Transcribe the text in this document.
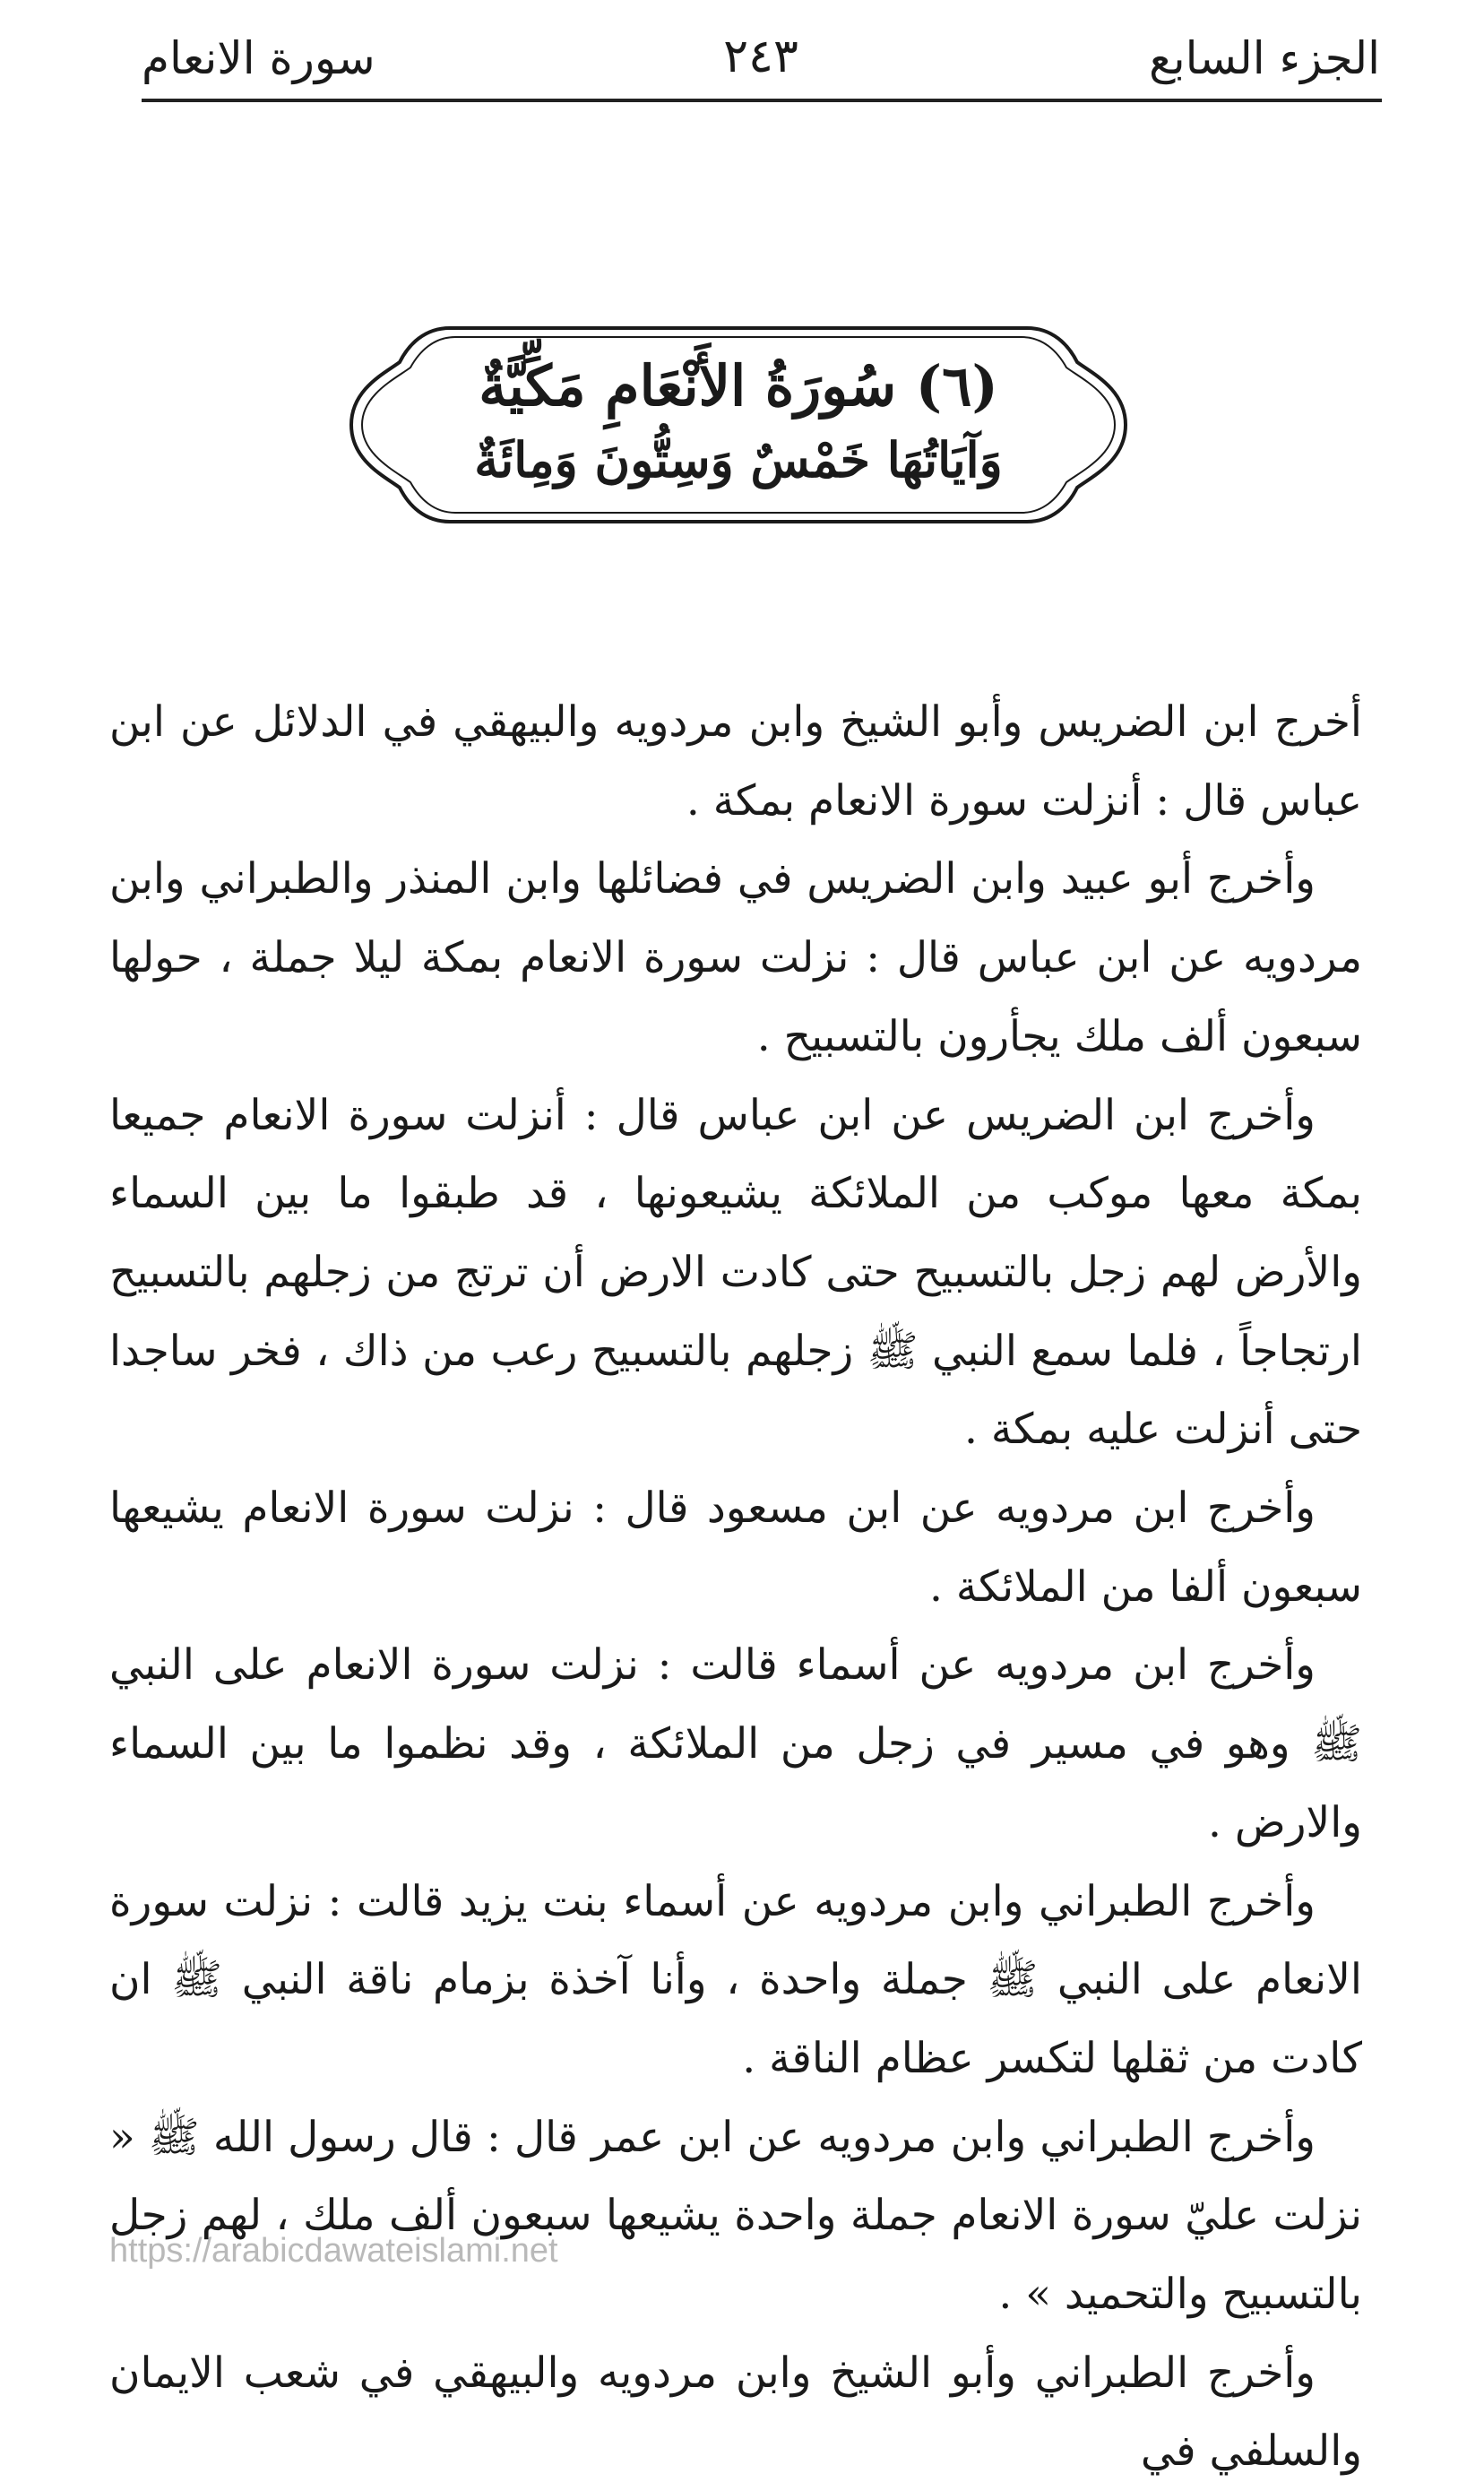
الجزء السابع
٢٤٣
سورة الانعام
(٦) سُورَةُ الأَنْعَامِ مَكِّيَّةٌ
وَآيَاتُهَا خَمْسٌ وَسِتُّونَ وَمِائَةٌ

أخرج ابن الضريس وأبو الشيخ وابن مردويه والبيهقي في الدلائل عن ابن عباس قال : أنزلت سورة الانعام بمكة .

وأخرج أبو عبيد وابن الضريس في فضائلها وابن المنذر والطبراني وابن مردويه عن ابن عباس قال : نزلت سورة الانعام بمكة ليلا جملة ، حولها سبعون ألف ملك يجأرون بالتسبيح .

وأخرج ابن الضريس عن ابن عباس قال : أنزلت سورة الانعام جميعا بمكة معها موكب من الملائكة يشيعونها ، قد طبقوا ما بين السماء والأرض لهم زجل بالتسبيح حتى كادت الارض أن ترتج من زجلهم بالتسبيح ارتجاجاً ، فلما سمع النبي ﷺ زجلهم بالتسبيح رعب من ذاك ، فخر ساجدا حتى أنزلت عليه بمكة .

وأخرج ابن مردويه عن ابن مسعود قال : نزلت سورة الانعام يشيعها سبعون ألفا من الملائكة .

وأخرج ابن مردويه عن أسماء قالت : نزلت سورة الانعام على النبي ﷺ وهو في مسير في زجل من الملائكة ، وقد نظموا ما بين السماء والارض .

وأخرج الطبراني وابن مردويه عن أسماء بنت يزيد قالت : نزلت سورة الانعام على النبي ﷺ جملة واحدة ، وأنا آخذة بزمام ناقة النبي ﷺ ان كادت من ثقلها لتكسر عظام الناقة .

وأخرج الطبراني وابن مردويه عن ابن عمر قال : قال رسول الله ﷺ « نزلت عليّ سورة الانعام جملة واحدة يشيعها سبعون ألف ملك ، لهم زجل بالتسبيح والتحميد » .

وأخرج الطبراني وأبو الشيخ وابن مردويه والبيهقي في شعب الايمان والسلفي في

https://arabicdawateislami.net
